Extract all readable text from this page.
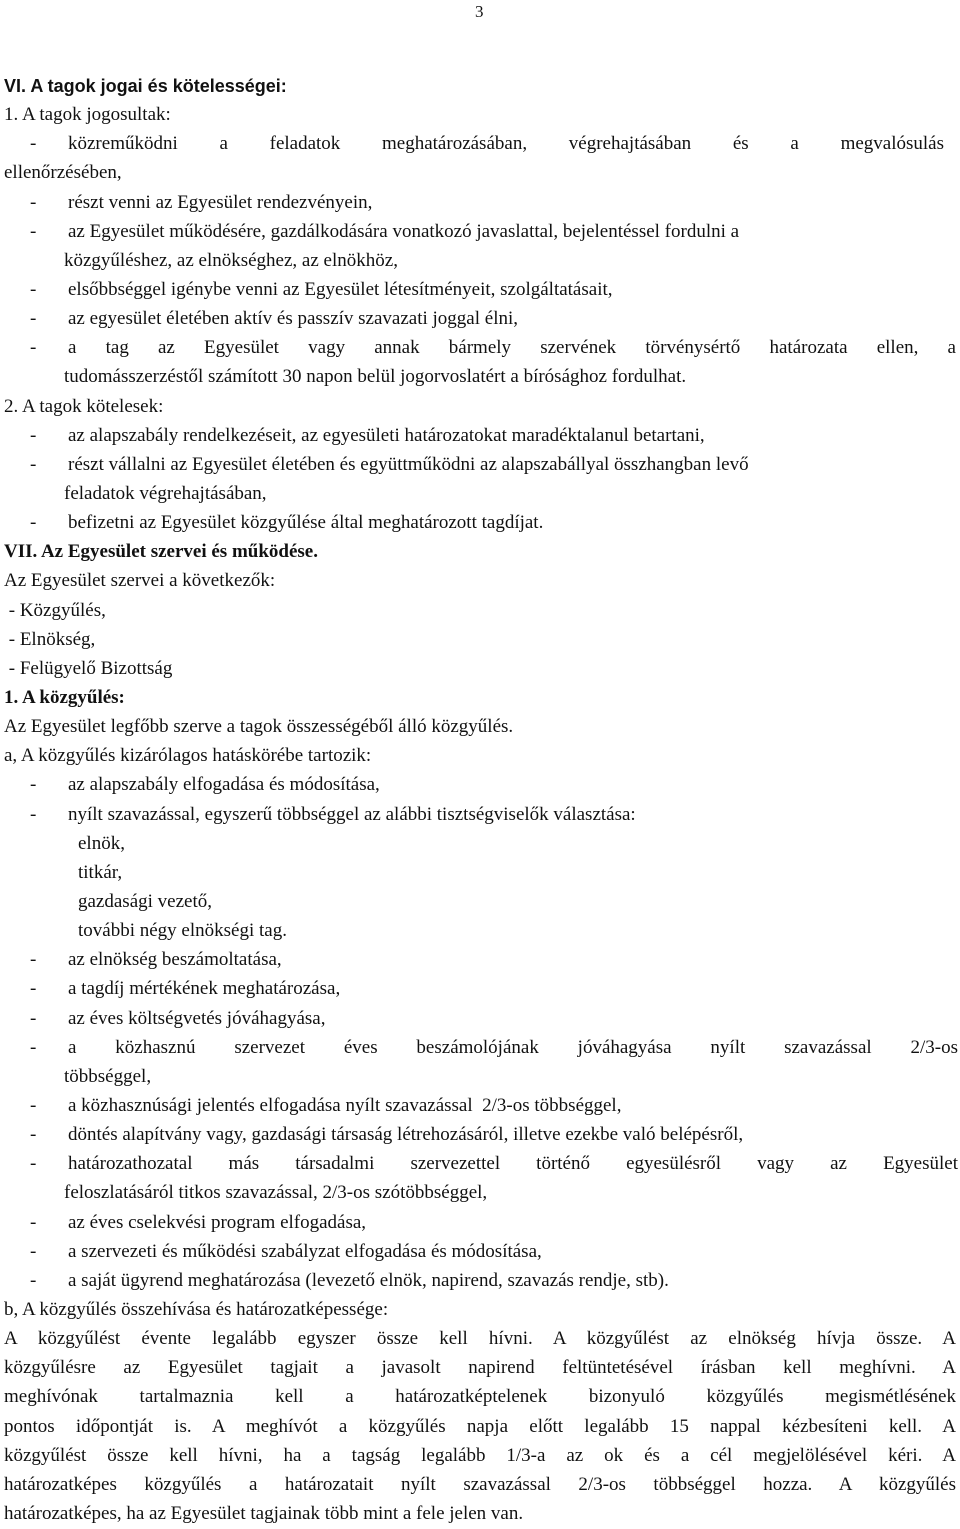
3
VI. A tagok jogai és kötelességei:
1. A tagok jogosultak:
- közreműködni a feladatok meghatározásában, végrehajtásában és a megvalósulás
ellenőrzésében,
- részt venni az Egyesület rendezvényein,
- az Egyesület működésére, gazdálkodására vonatkozó javaslattal, bejelentéssel fordulni a
közgyűléshez, az elnökséghez, az elnökhöz,
- elsőbbséggel igénybe venni az Egyesület létesítményeit, szolgáltatásait,
- az egyesület életében aktív és passzív szavazati joggal élni,
- a tag az Egyesület vagy annak bármely szervének törvénysértő határozata ellen, a
tudomásszerzéstől számított 30 napon belül jogorvoslatért a bírósághoz fordulhat.
2. A tagok kötelesek:
- az alapszabály rendelkezéseit, az egyesületi határozatokat maradéktalanul betartani,
- részt vállalni az Egyesület életében és együttműködni az alapszabállyal összhangban levő
feladatok végrehajtásában,
- befizetni az Egyesület közgyűlése által meghatározott tagdíjat.
VII. Az Egyesület szervei és működése.
Az Egyesület szervei a következők:
- Közgyűlés,
- Elnökség,
- Felügyelő Bizottság
1. A közgyűlés:
Az Egyesület legfőbb szerve a tagok összességéből álló közgyűlés.
a, A közgyűlés kizárólagos hatáskörébe tartozik:
- az alapszabály elfogadása és módosítása,
- nyílt szavazással, egyszerű többséggel az alábbi tisztségviselők választása:
elnök,
titkár,
gazdasági vezető,
további négy elnökségi tag.
- az elnökség beszámoltatása,
- a tagdíj mértékének meghatározása,
- az éves költségvetés jóváhagyása,
- a közhasznú szervezet éves beszámolójának jóváhagyása nyílt szavazással 2/3-os
többséggel,
- a közhasznúsági jelentés elfogadása nyílt szavazással  2/3-os többséggel,
- döntés alapítvány vagy, gazdasági társaság létrehozásáról, illetve ezekbe való belépésről,
- határozathozatal más társadalmi szervezettel történő egyesülésről vagy az Egyesület
feloszlatásáról titkos szavazással, 2/3-os szótöbbséggel,
- az éves cselekvési program elfogadása,
- a szervezeti és működési szabályzat elfogadása és módosítása,
- a saját ügyrend meghatározása (levezető elnök, napirend, szavazás rendje, stb).
b, A közgyűlés összehívása és határozatképessége:
A közgyűlést évente legalább egyszer össze kell hívni. A közgyűlést az elnökség hívja össze. A
közgyűlésre az Egyesület tagjait a javasolt napirend feltüntetésével írásban kell meghívni. A
meghívónak tartalmaznia kell a határozatképtelenek bizonyuló közgyűlés megismétlésének
pontos időpontját is. A meghívót a közgyűlés napja előtt legalább 15 nappal kézbesíteni kell. A
közgyűlést össze kell hívni, ha a tagság legalább 1/3-a az ok és a cél megjelölésével kéri. A
határozatképes közgyűlés a határozatait nyílt szavazással 2/3-os többséggel hozza. A közgyűlés
határozatképes, ha az Egyesület tagjainak több mint a fele jelen van.
